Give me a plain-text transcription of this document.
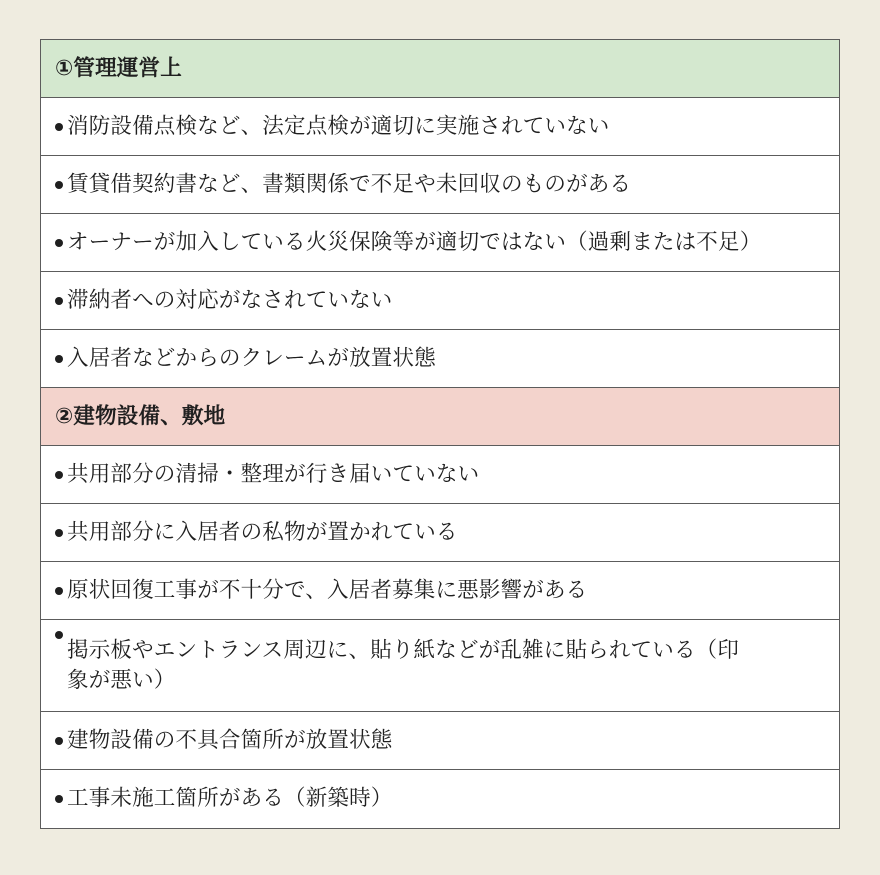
①管理運営上
消防設備点検など、法定点検が適切に実施されていない
賃貸借契約書など、書類関係で不足や未回収のものがある
オーナーが加入している火災保険等が適切ではない（過剰または不足）
滞納者への対応がなされていない
入居者などからのクレームが放置状態
②建物設備、敷地
共用部分の清掃・整理が行き届いていない
共用部分に入居者の私物が置かれている
原状回復工事が不十分で、入居者募集に悪影響がある
掲示板やエントランス周辺に、貼り紙などが乱雑に貼られている（印象が悪い）
建物設備の不具合箇所が放置状態
工事未施工箇所がある（新築時）
